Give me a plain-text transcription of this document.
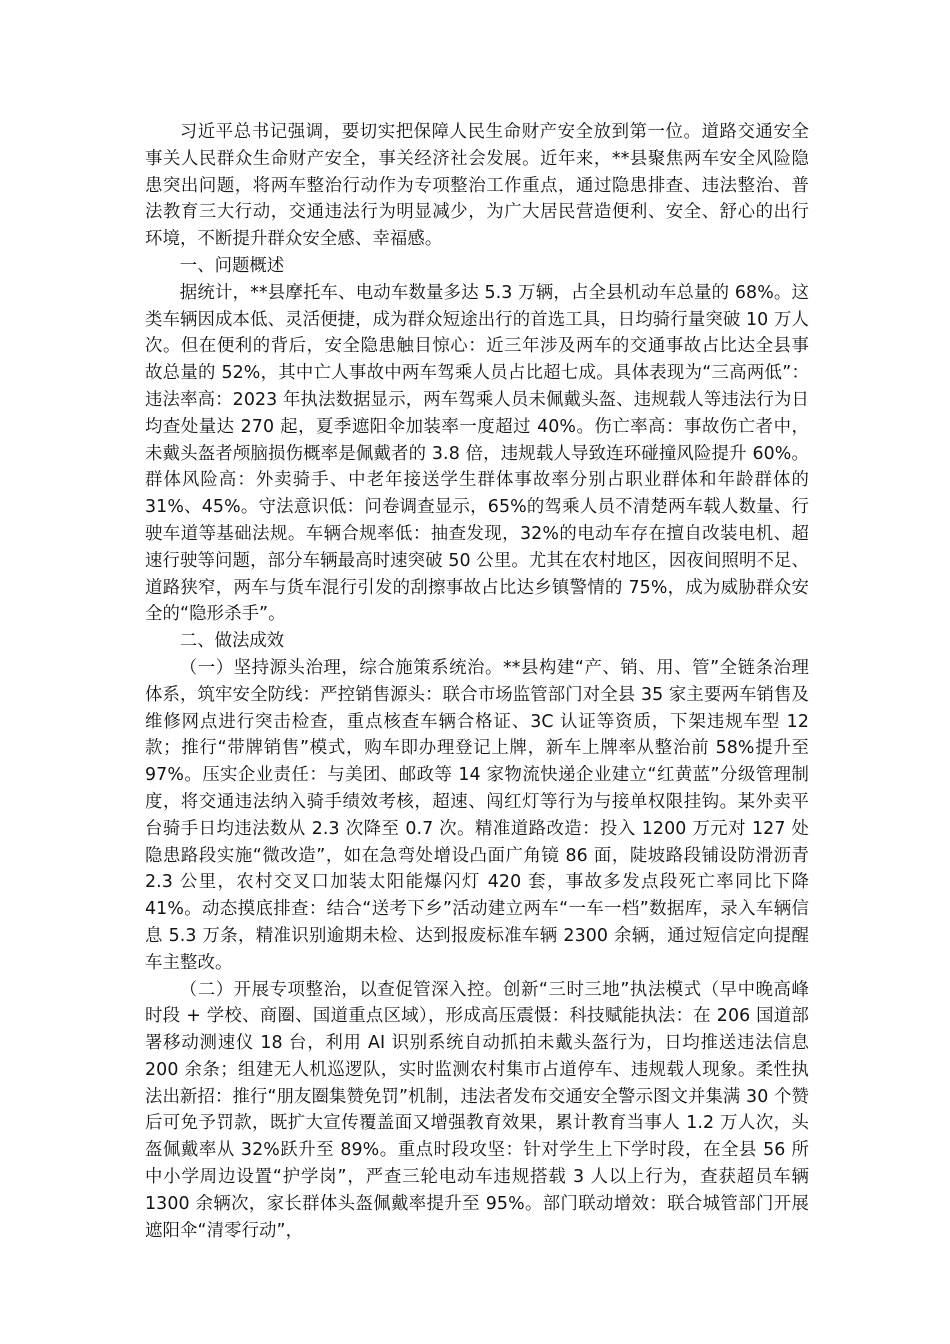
习近平总书记强调，要切实把保障人民生命财产安全放到第一位。道路交通安全事关人民群众生命财产安全，事关经济社会发展。近年来，**县聚焦两车安全风险隐患突出问题，将两车整治行动作为专项整治工作重点，通过隐患排查、违法整治、普法教育三大行动，交通违法行为明显减少，为广大居民营造便利、安全、舒心的出行环境，不断提升群众安全感、幸福感。

一、问题概述

据统计，**县摩托车、电动车数量多达 5.3 万辆，占全县机动车总量的 68%。这类车辆因成本低、灵活便捷，成为群众短途出行的首选工具，日均骑行量突破 10 万人次。但在便利的背后，安全隐患触目惊心：近三年涉及两车的交通事故占比达全县事故总量的 52%，其中亡人事故中两车驾乘人员占比超七成。具体表现为“三高两低”：违法率高：2023 年执法数据显示，两车驾乘人员未佩戴头盔、违规载人等违法行为日均查处量达 270 起，夏季遮阳伞加装率一度超过 40%。伤亡率高：事故伤亡者中，未戴头盔者颅脑损伤概率是佩戴者的 3.8 倍，违规载人导致连环碰撞风险提升 60%。群体风险高：外卖骑手、中老年接送学生群体事故率分别占职业群体和年龄群体的 31%、45%。守法意识低：问卷调查显示，65%的驾乘人员不清楚两车载人数量、行驶车道等基础法规。车辆合规率低：抽查发现，32%的电动车存在擅自改装电机、超速行驶等问题，部分车辆最高时速突破 50 公里。尤其在农村地区，因夜间照明不足、道路狭窄，两车与货车混行引发的刮擦事故占比达乡镇警情的 75%，成为威胁群众安全的“隐形杀手”。

二、做法成效

（一）坚持源头治理，综合施策系统治。**县构建“产、销、用、管”全链条治理体系，筑牢安全防线：严控销售源头：联合市场监管部门对全县 35 家主要两车销售及维修网点进行突击检查，重点核查车辆合格证、3C 认证等资质，下架违规车型 12 款；推行“带牌销售”模式，购车即办理登记上牌，新车上牌率从整治前 58%提升至 97%。压实企业责任：与美团、邮政等 14 家物流快递企业建立“红黄蓝”分级管理制度，将交通违法纳入骑手绩效考核，超速、闯红灯等行为与接单权限挂钩。某外卖平台骑手日均违法数从 2.3 次降至 0.7 次。精准道路改造：投入 1200 万元对 127 处隐患路段实施“微改造”，如在急弯处增设凸面广角镜 86 面，陡坡路段铺设防滑沥青 2.3 公里，农村交叉口加装太阳能爆闪灯 420 套，事故多发点段死亡率同比下降 41%。动态摸底排查：结合“送考下乡”活动建立两车“一车一档”数据库，录入车辆信息 5.3 万条，精准识别逾期未检、达到报废标准车辆 2300 余辆，通过短信定向提醒车主整改。

（二）开展专项整治，以查促管深入控。创新“三时三地”执法模式（早中晚高峰时段 + 学校、商圈、国道重点区域），形成高压震慑：科技赋能执法：在 206 国道部署移动测速仪 18 台，利用 AI 识别系统自动抓拍未戴头盔行为，日均推送违法信息 200 余条；组建无人机巡逻队，实时监测农村集市占道停车、违规载人现象。柔性执法出新招：推行“朋友圈集赞免罚”机制，违法者发布交通安全警示图文并集满 30 个赞后可免予罚款，既扩大宣传覆盖面又增强教育效果，累计教育当事人 1.2 万人次，头盔佩戴率从 32%跃升至 89%。重点时段攻坚：针对学生上下学时段，在全县 56 所中小学周边设置“护学岗”，严查三轮电动车违规搭载 3 人以上行为，查获超员车辆 1300 余辆次，家长群体头盔佩戴率提升至 95%。部门联动增效：联合城管部门开展遮阳伞“清零行动”，
